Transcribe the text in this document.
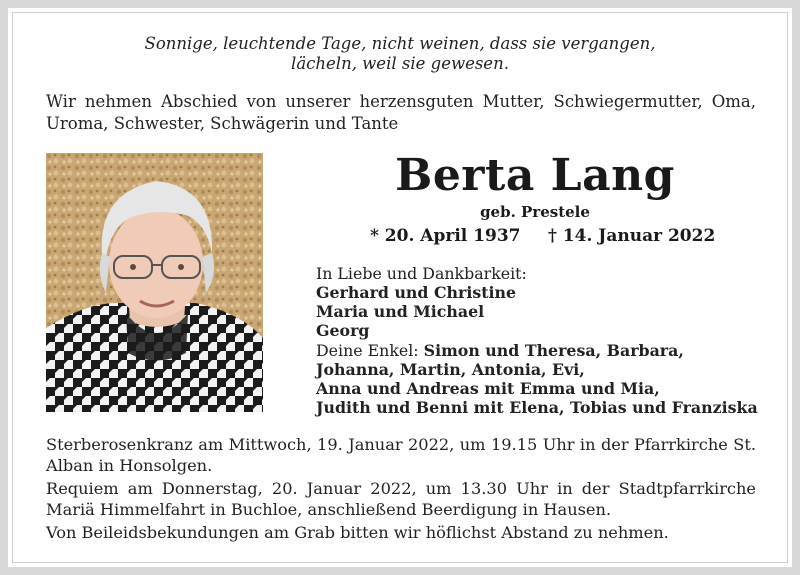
Sonnige, leuchtende Tage, nicht weinen, dass sie vergangen,
lächeln, weil sie gewesen.
Wir nehmen Abschied von unserer herzensguten Mutter, Schwiegermutter, Oma, Uroma, Schwester, Schwägerin und Tante
Berta Lang
geb. Prestele
* 20. April 1937 † 14. Januar 2022
In Liebe und Dankbarkeit:
Gerhard und Christine
Maria und Michael
Georg
Deine Enkel: Simon und Theresa, Barbara,
Johanna, Martin, Antonia, Evi,
Anna und Andreas mit Emma und Mia,
Judith und Benni mit Elena, Tobias und Franziska
Sterberosenkranz am Mittwoch, 19. Januar 2022, um 19.15 Uhr in der Pfarrkirche St. Alban in Honsolgen.
Requiem am Donnerstag, 20. Januar 2022, um 13.30 Uhr in der Stadtpfarrkirche Mariä Himmelfahrt in Buchloe, anschließend Beerdigung in Hausen.
Von Beileidsbekundungen am Grab bitten wir höflichst Abstand zu nehmen.
